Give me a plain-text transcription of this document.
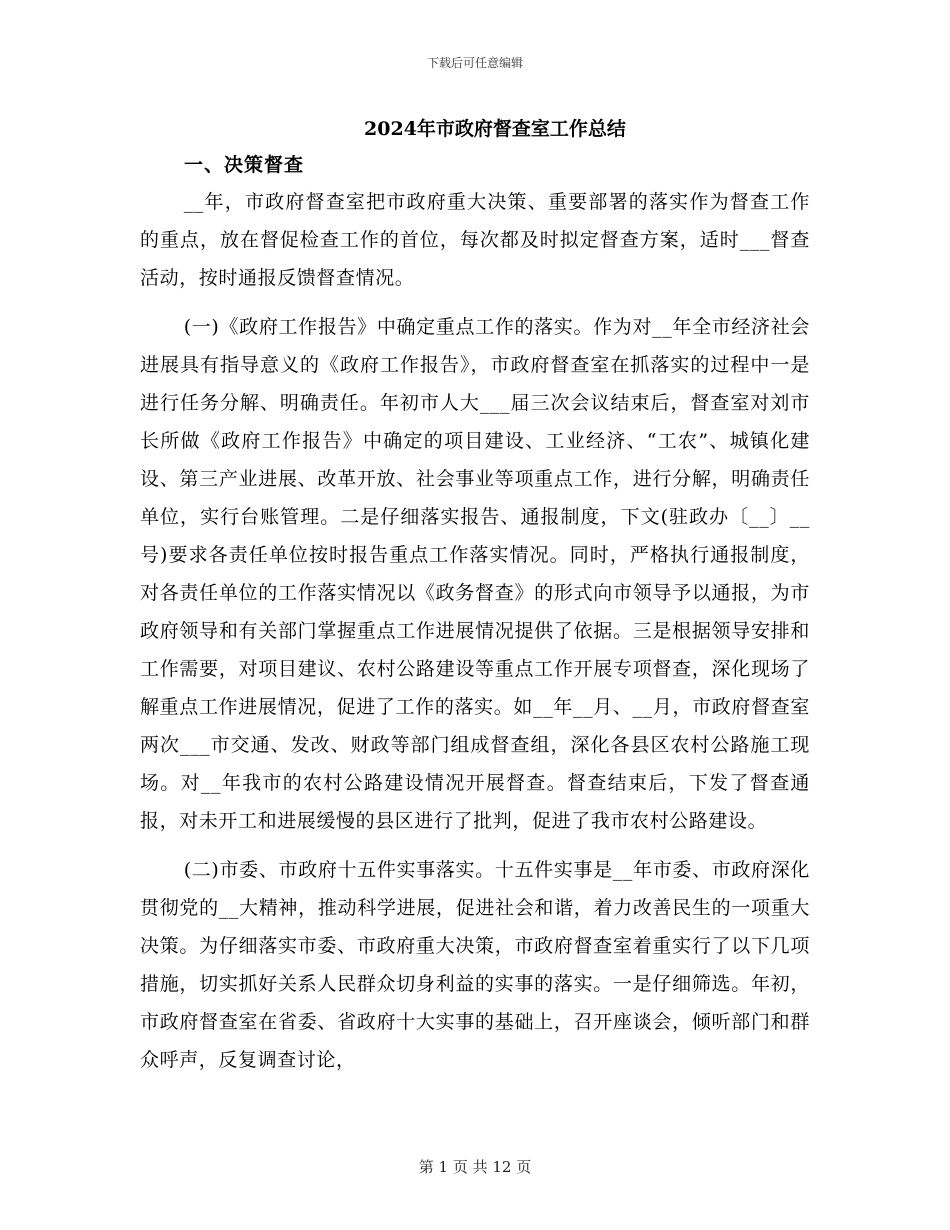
下载后可任意编辑
2024年市政府督查室工作总结
一、决策督查

__年，市政府督查室把市政府重大决策、重要部署的落实作为督查工作的重点，放在督促检查工作的首位，每次都及时拟定督查方案，适时___督查活动，按时通报反馈督查情况。

(一)《政府工作报告》中确定重点工作的落实。作为对__年全市经济社会进展具有指导意义的《政府工作报告》，市政府督查室在抓落实的过程中一是进行任务分解、明确责任。年初市人大___届三次会议结束后，督查室对刘市长所做《政府工作报告》中确定的项目建设、工业经济、“工农”、城镇化建设、第三产业进展、改革开放、社会事业等项重点工作，进行分解，明确责任单位，实行台账管理。二是仔细落实报告、通报制度，下文(驻政办〔__〕__号)要求各责任单位按时报告重点工作落实情况。同时，严格执行通报制度，对各责任单位的工作落实情况以《政务督查》的形式向市领导予以通报，为市政府领导和有关部门掌握重点工作进展情况提供了依据。三是根据领导安排和工作需要，对项目建议、农村公路建设等重点工作开展专项督查，深化现场了解重点工作进展情况，促进了工作的落实。如__年__月、__月，市政府督查室两次___市交通、发改、财政等部门组成督查组，深化各县区农村公路施工现场。对__年我市的农村公路建设情况开展督查。督查结束后，下发了督查通报，对未开工和进展缓慢的县区进行了批判，促进了我市农村公路建设。

(二)市委、市政府十五件实事落实。十五件实事是__年市委、市政府深化贯彻党的__大精神，推动科学进展，促进社会和谐，着力改善民生的一项重大决策。为仔细落实市委、市政府重大决策，市政府督查室着重实行了以下几项措施，切实抓好关系人民群众切身利益的实事的落实。一是仔细筛选。年初，市政府督查室在省委、省政府十大实事的基础上，召开座谈会，倾听部门和群众呼声，反复调查讨论，

第 1 页 共 12 页
